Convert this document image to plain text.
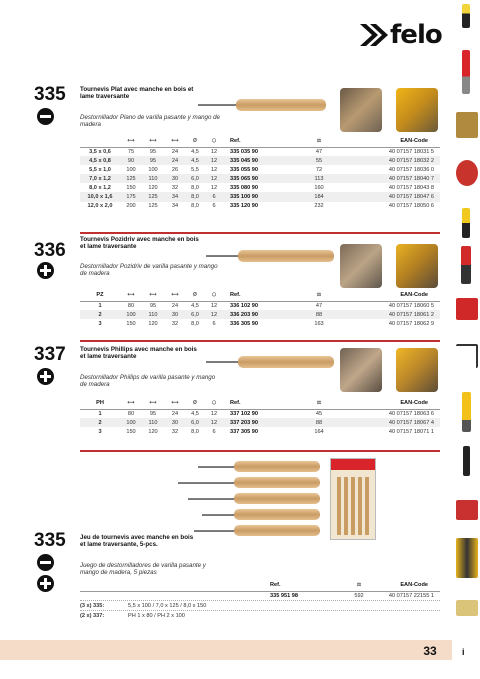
felo
335 Tournevis Plat avec manche en bois et lame traversante
Destornillador Plano de varilla pasante y mango de madera
	⟷	⟷	⟷	Ø	⬡	Ref.	⚖	EAN-Code
3,5 x 0,6	75	95	24	4,5	12	335 035 90	47	40 07157 18031 5
4,5 x 0,8	90	95	24	4,5	12	335 045 90	55	40 07157 18032 2
5,5 x 1,0	100	100	26	5,5	12	335 055 90	72	40 07157 18036 0
7,0 x 1,2	125	110	30	6,0	12	335 065 90	113	40 07157 18040 7
8,0 x 1,2	150	120	32	8,0	12	335 080 90	160	40 07157 18043 8
10,0 x 1,6	175	125	34	8,0	6	335 100 90	184	40 07157 18047 6
12,0 x 2,0	200	125	34	8,0	6	335 120 90	232	40 07157 18050 6
336
Tournevis Pozidriv avec manche en bois et lame traversante
Destornillador Pozidriv de varilla pasante y mango de madera
PZ	⟷	⟷	⟷	Ø	⬡	Ref.	⚖	EAN-Code
1	80	95	24	4,5	12	336 102 90	47	40 07157 18060 5
2	100	110	30	6,0	12	336 203 90	88	40 07157 18061 2
3	150	120	32	8,0	6	336 305 90	163	40 07157 18062 9
337 Tournevis Phillips avec manche en bois et lame traversante
Destornillador Phillips de varilla pasante y mango de madera
PH	⟷	⟷	⟷	Ø	⬡	Ref.	⚖	EAN-Code
1	80	95	24	4,5	12	337 102 90	45	40 07157 18063 6
2	100	110	30	6,0	12	337 203 90	88	40 07157 18067 4
3	150	120	32	8,0	6	337 305 90	164	40 07157 18071 1
335 Jeu de tournevis avec manche en bois et lame traversante, 5-pcs.
Juego de destornilladores de varilla pasante y mango de madera, 5 piezas
	Ref.	⚖	EAN-Code
	335 951 98	592	40 07157 22155 1
(3 x) 335:	5,5 x 100 / 7,0 x 125 / 8,0 x 150
(2 x) 337:	PH 1 x 80 / PH 2 x 100
33	i
